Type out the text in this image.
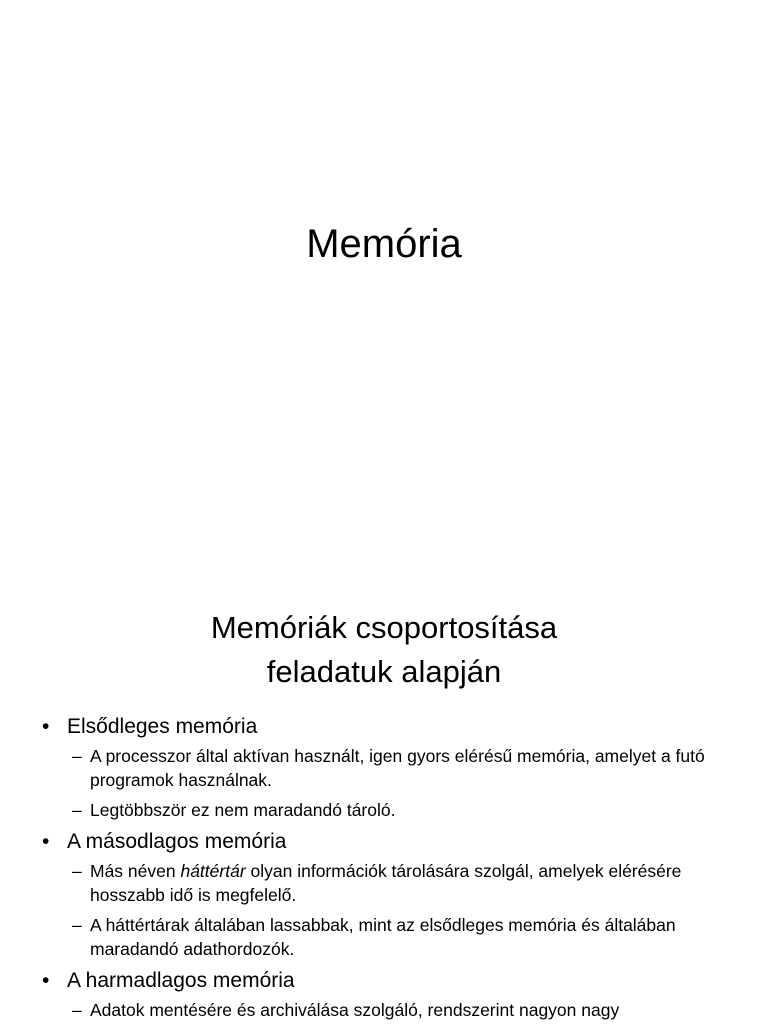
Memória
Memóriák csoportosítása
feladatuk alapján
• Elsődleges memória
– A processzor által aktívan használt, igen gyors elérésű memória, amelyet a futó programok használnak.
– Legtöbbször ez nem maradandó tároló.
• A másodlagos memória
– Más néven háttértár olyan információk tárolására szolgál, amelyek elérésére hosszabb idő is megfelelő.
– A háttértárak általában lassabbak, mint az elsődleges memória és általában maradandó adathordozók.
• A harmadlagos memória
– Adatok mentésére és archiválása szolgáló, rendszerint nagyon nagy
